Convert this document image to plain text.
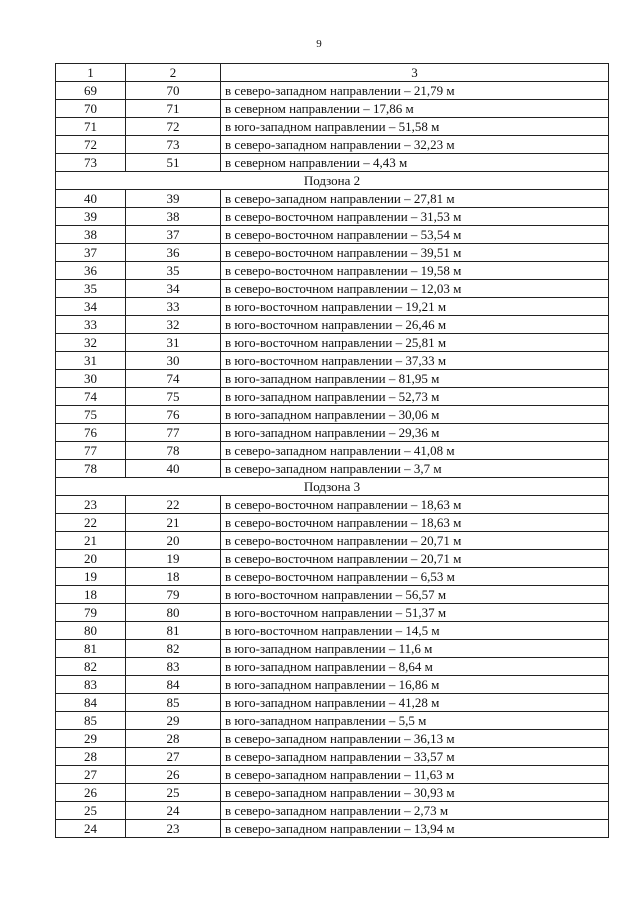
9
1	2	3
69	70	в северо-западном направлении – 21,79 м
70	71	в северном направлении – 17,86 м
71	72	в юго-западном направлении – 51,58 м
72	73	в северо-западном направлении – 32,23 м
73	51	в северном направлении – 4,43 м
Подзона 2		
40	39	в северо-западном направлении – 27,81 м
39	38	в северо-восточном направлении – 31,53 м
38	37	в северо-восточном направлении – 53,54 м
37	36	в северо-восточном направлении – 39,51 м
36	35	в северо-восточном направлении – 19,58 м
35	34	в северо-восточном направлении – 12,03 м
34	33	в юго-восточном направлении – 19,21 м
33	32	в юго-восточном направлении – 26,46 м
32	31	в юго-восточном направлении – 25,81 м
31	30	в юго-восточном направлении – 37,33 м
30	74	в юго-западном направлении – 81,95 м
74	75	в юго-западном направлении – 52,73 м
75	76	в юго-западном направлении – 30,06 м
76	77	в юго-западном направлении – 29,36 м
77	78	в северо-западном направлении – 41,08 м
78	40	в северо-западном направлении – 3,7 м
Подзона 3		
23	22	в северо-восточном направлении – 18,63 м
22	21	в северо-восточном направлении – 18,63 м
21	20	в северо-восточном направлении – 20,71 м
20	19	в северо-восточном направлении – 20,71 м
19	18	в северо-восточном направлении – 6,53 м
18	79	в юго-восточном направлении – 56,57 м
79	80	в юго-восточном направлении – 51,37 м
80	81	в юго-восточном направлении – 14,5 м
81	82	в юго-западном направлении – 11,6 м
82	83	в юго-западном направлении – 8,64 м
83	84	в юго-западном направлении – 16,86 м
84	85	в юго-западном направлении – 41,28 м
85	29	в юго-западном направлении – 5,5 м
29	28	в северо-западном направлении – 36,13 м
28	27	в северо-западном направлении – 33,57 м
27	26	в северо-западном направлении – 11,63 м
26	25	в северо-западном направлении – 30,93 м
25	24	в северо-западном направлении – 2,73 м
24	23	в северо-западном направлении – 13,94 м
